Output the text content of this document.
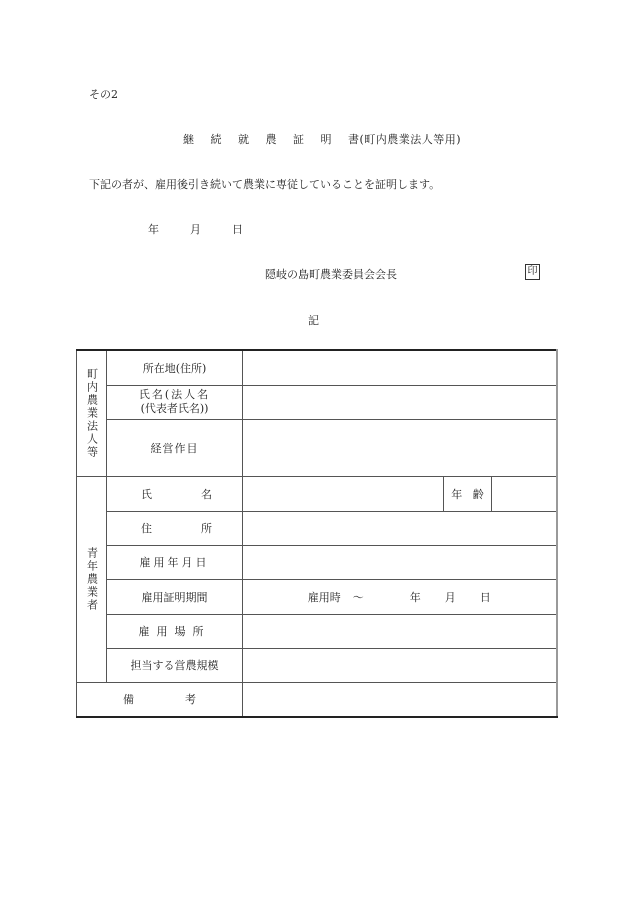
その2
継 続 就 農 証 明 書(町内農業法人等用)
下記の者が、雇用後引き続いて農業に専従していることを証明します。
年	月	日
隠岐の島町農業委員会会長	印
記
町内農業法人等	所在地(住所)			

	氏名(法人名
(代表者氏名))			

	経営作目			

青年農業者	氏 名		年 齢	

	住 所			

	雇用年月日			
	雇用証明期間	雇用時 〜 年 月 日		

	雇用場所			
	担当する営農規模			

備 考				
